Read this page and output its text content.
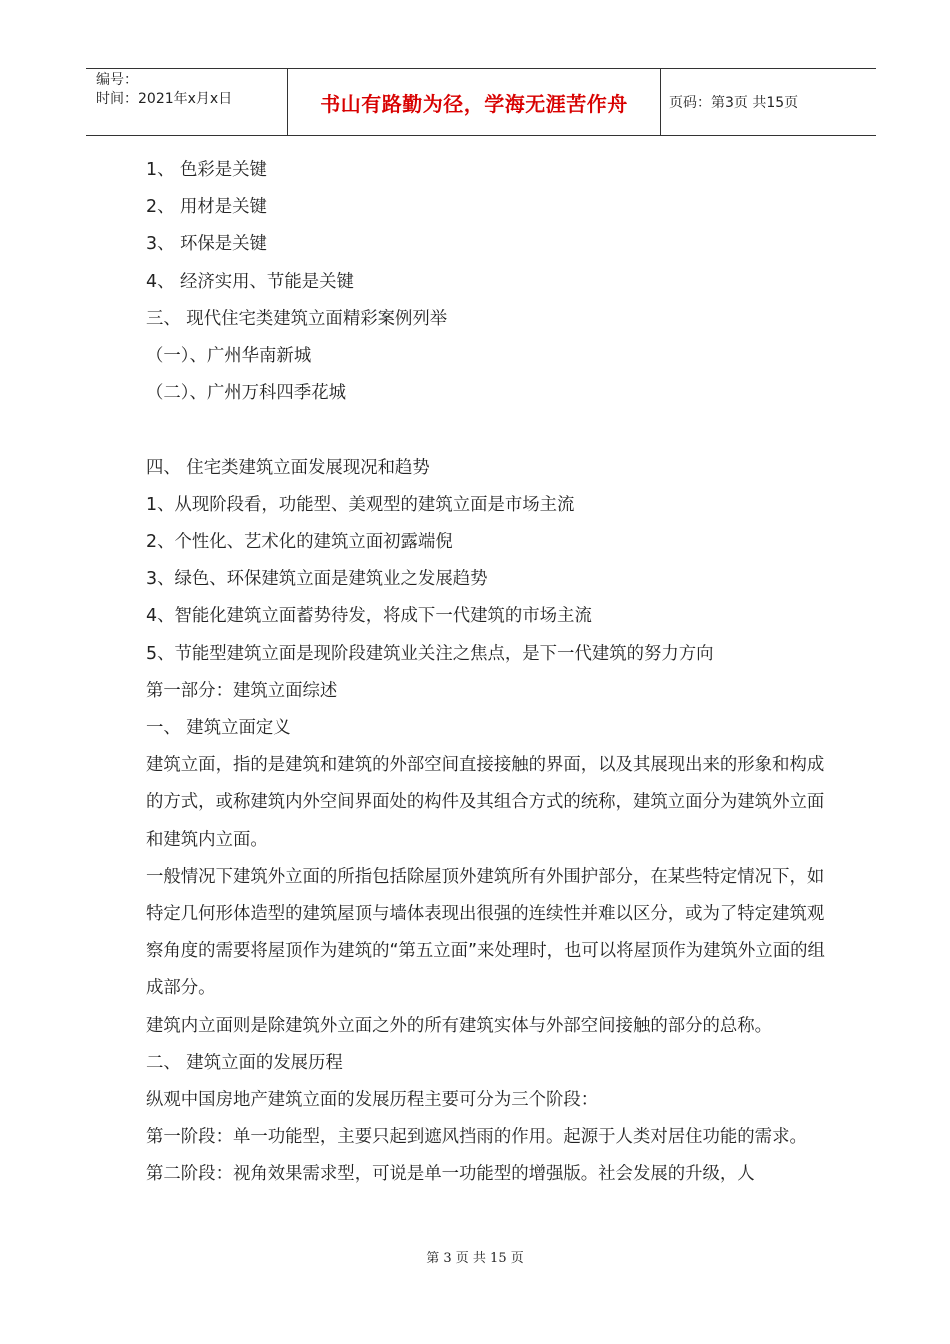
编号：
时间：2021年x月x日	书山有路勤为径，学海无涯苦作舟	页码：第3页 共15页

1、 色彩是关键

2、 用材是关键

3、 环保是关键

4、 经济实用、节能是关键

三、 现代住宅类建筑立面精彩案例列举

（一）、广州华南新城

（二）、广州万科四季花城

四、 住宅类建筑立面发展现况和趋势

1、从现阶段看，功能型、美观型的建筑立面是市场主流

2、个性化、艺术化的建筑立面初露端倪

3、绿色、环保建筑立面是建筑业之发展趋势

4、智能化建筑立面蓄势待发，将成下一代建筑的市场主流

5、节能型建筑立面是现阶段建筑业关注之焦点，是下一代建筑的努力方向

第一部分：建筑立面综述

一、 建筑立面定义

建筑立面，指的是建筑和建筑的外部空间直接接触的界面，以及其展现出来的形象和构成的方式，或称建筑内外空间界面处的构件及其组合方式的统称，建筑立面分为建筑外立面和建筑内立面。

一般情况下建筑外立面的所指包括除屋顶外建筑所有外围护部分，在某些特定情况下，如特定几何形体造型的建筑屋顶与墙体表现出很强的连续性并难以区分，或为了特定建筑观察角度的需要将屋顶作为建筑的“第五立面”来处理时，也可以将屋顶作为建筑外立面的组成部分。

建筑内立面则是除建筑外立面之外的所有建筑实体与外部空间接触的部分的总称。

二、 建筑立面的发展历程

纵观中国房地产建筑立面的发展历程主要可分为三个阶段：

第一阶段：单一功能型，主要只起到遮风挡雨的作用。起源于人类对居住功能的需求。

第二阶段：视角效果需求型，可说是单一功能型的增强版。社会发展的升级，人

第 3 页 共 15 页
